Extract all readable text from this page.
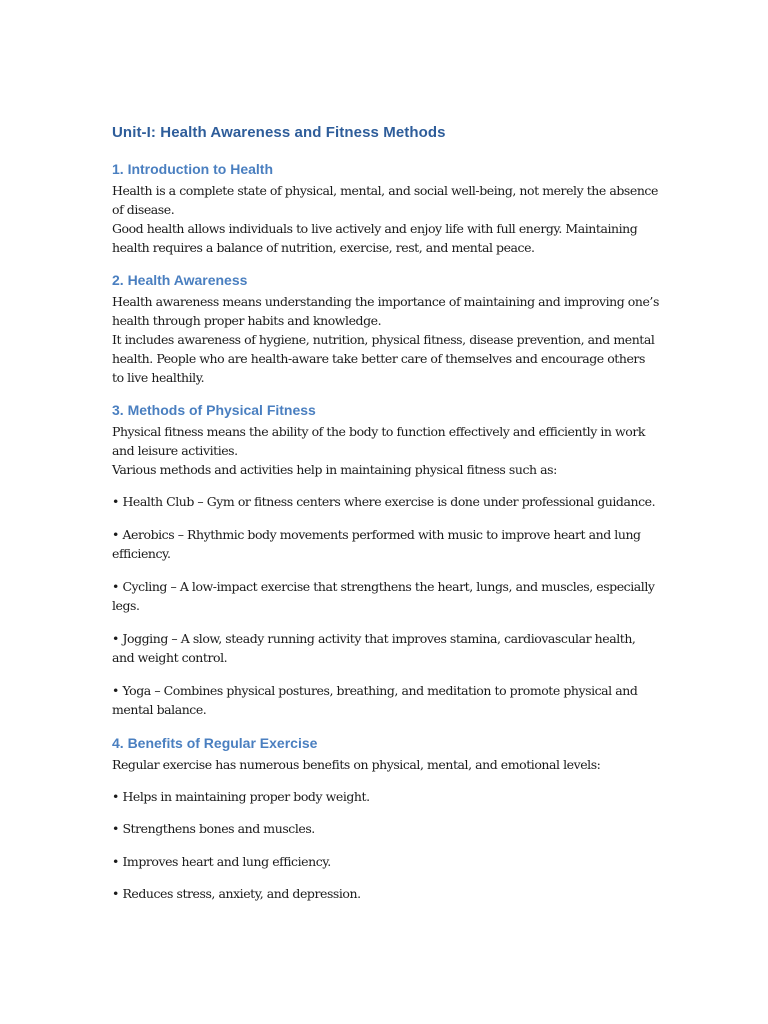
Unit-I: Health Awareness and Fitness Methods
1. Introduction to Health

Health is a complete state of physical, mental, and social well-being, not merely the absence of disease.

Good health allows individuals to live actively and enjoy life with full energy. Maintaining health requires a balance of nutrition, exercise, rest, and mental peace.

2. Health Awareness

Health awareness means understanding the importance of maintaining and improving one’s health through proper habits and knowledge.

It includes awareness of hygiene, nutrition, physical fitness, disease prevention, and mental health. People who are health-aware take better care of themselves and encourage others to live healthily.

3. Methods of Physical Fitness

Physical fitness means the ability of the body to function effectively and efficiently in work and leisure activities.

Various methods and activities help in maintaining physical fitness such as:

• Health Club – Gym or fitness centers where exercise is done under professional guidance.

• Aerobics – Rhythmic body movements performed with music to improve heart and lung efficiency.

• Cycling – A low-impact exercise that strengthens the heart, lungs, and muscles, especially legs.

• Jogging – A slow, steady running activity that improves stamina, cardiovascular health, and weight control.

• Yoga – Combines physical postures, breathing, and meditation to promote physical and mental balance.

4. Benefits of Regular Exercise

Regular exercise has numerous benefits on physical, mental, and emotional levels:

• Helps in maintaining proper body weight.

• Strengthens bones and muscles.

• Improves heart and lung efficiency.

• Reduces stress, anxiety, and depression.
